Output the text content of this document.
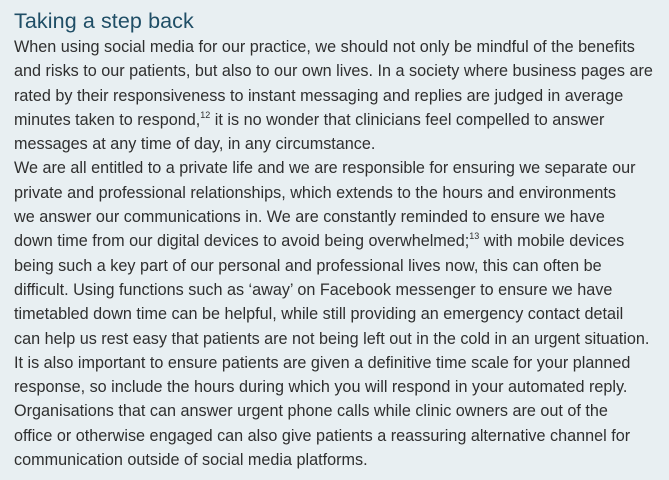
Taking a step back
When using social media for our practice, we should not only be mindful of the benefits
and risks to our patients, but also to our own lives. In a society where business pages are
rated by their responsiveness to instant messaging and replies are judged in average
minutes taken to respond,$^{12}$ it is no wonder that clinicians feel compelled to answer
messages at any time of day, in any circumstance.
We are all entitled to a private life and we are responsible for ensuring we separate our
private and professional relationships, which extends to the hours and environments
we answer our communications in. We are constantly reminded to ensure we have
down time from our digital devices to avoid being overwhelmed;$^{13}$ with mobile devices
being such a key part of our personal and professional lives now, this can often be
difficult. Using functions such as ‘away’ on Facebook messenger to ensure we have
timetabled down time can be helpful, while still providing an emergency contact detail
can help us rest easy that patients are not being left out in the cold in an urgent situation.
It is also important to ensure patients are given a definitive time scale for your planned
response, so include the hours during which you will respond in your automated reply.
Organisations that can answer urgent phone calls while clinic owners are out of the
office or otherwise engaged can also give patients a reassuring alternative channel for
communication outside of social media platforms.
